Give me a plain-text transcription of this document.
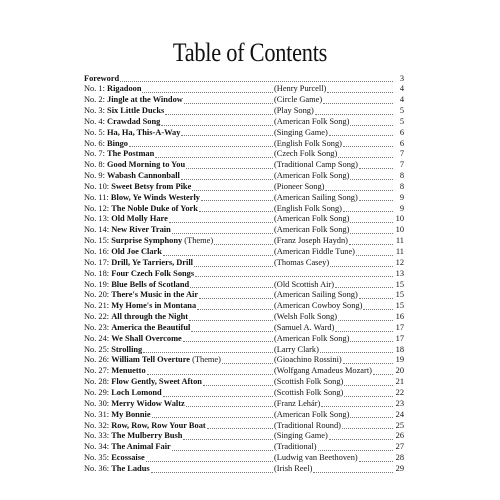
Table of Contents
Foreword	3
No. 1: Rigadoon	(Henry Purcell)	4
No. 2: Jingle at the Window	(Circle Game)	4
No. 3: Six Little Ducks	(Play Song)	5
No. 4: Crawdad Song	(American Folk Song)	5
No. 5: Ha, Ha, This-A-Way	(Singing Game)	6
No. 6: Bingo	(English Folk Song)	6
No. 7: The Postman	(Czech Folk Song)	7
No. 8: Good Morning to You	(Traditional Camp Song)	7
No. 9: Wabash Cannonball	(American Folk Song)	8
No. 10: Sweet Betsy from Pike	(Pioneer Song)	8
No. 11: Blow, Ye Winds Westerly	(American Sailing Song)	9
No. 12: The Noble Duke of York	(English Folk Song)	9
No. 13: Old Molly Hare	(American Folk Song)	10
No. 14: New River Train	(American Folk Song)	10
No. 15: Surprise Symphony (Theme)	(Franz Joseph Haydn)	11
No. 16: Old Joe Clark	(American Fiddle Tune)	11
No. 17: Drill, Ye Tarriers, Drill	(Thomas Casey)	12
No. 18: Four Czech Folk Songs	13
No. 19: Blue Bells of Scotland	(Old Scottish Air)	15
No. 20: There's Music in the Air	(American Sailing Song)	15
No. 21: My Home's in Montana	(American Cowboy Song)	15
No. 22: All through the Night	(Welsh Folk Song)	16
No. 23: America the Beautiful	(Samuel A. Ward)	17
No. 24: We Shall Overcome	(American Folk Song)	17
No. 25: Strolling	(Larry Clark)	18
No. 26: William Tell Overture (Theme)	(Gioachino Rossini)	19
No. 27: Menuetto	(Wolfgang Amadeus Mozart)	20
No. 28: Flow Gently, Sweet Afton	(Scottish Folk Song)	21
No. 29: Loch Lomond	(Scottish Folk Song)	22
No. 30: Merry Widow Waltz	(Franz Lehár)	23
No. 31: My Bonnie	(American Folk Song)	24
No. 32: Row, Row, Row Your Boat	(Traditional Round)	25
No. 33: The Mulberry Bush	(Singing Game)	26
No. 34: The Animal Fair	(Traditional)	27
No. 35: Ecossaise	(Ludwig van Beethoven)	28
No. 36: The Ladus	(Irish Reel)	29
